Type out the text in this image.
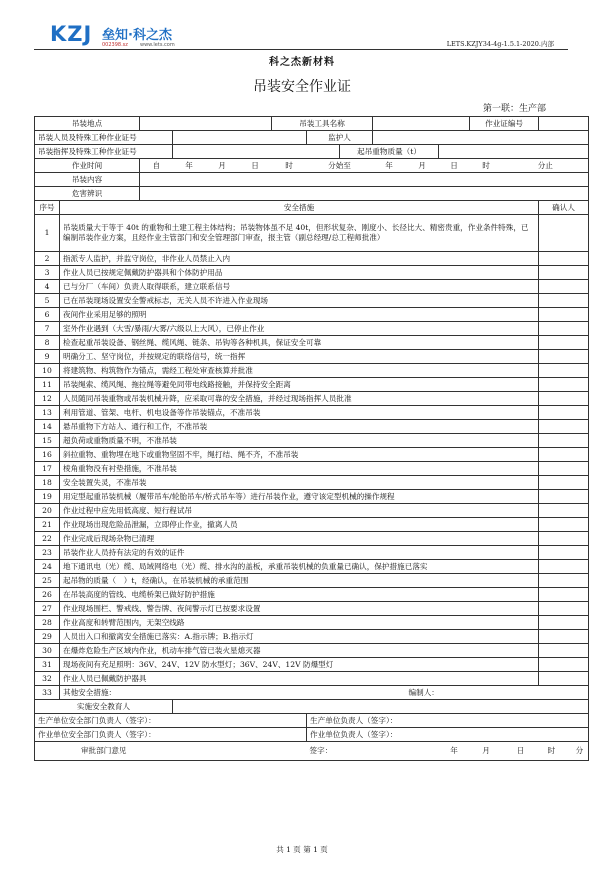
KZJ 垒知·科之杰
002398.sz www.lets.com	LETS.KZJY34-4g-1.5.1-2020.内部
科之杰新材料
吊装安全作业证
第一联：生产部
吊装地点						吊装工具名称						作业证编号		
吊装人员及特殊工种作业证号							监护人							
吊装指挥及特殊工种作业证号								起吊重物质量（t）						
作业时间		自	年	月	日	时	分始至		年	月	日	时	分止	
吊装内容														
危害辨识														
序号	安全措施													确认人
1	吊装质量大于等于 40t 的重物和土建工程主体结构；吊装物体虽不足 40t，但形状复杂、刚度小、长径比大、精密贵重，作业条件特殊，已编制吊装作业方案，且经作业主管部门和安全管理部门审查，报主管（副总经理/总工程师批准）													
2	指派专人监护，并监守岗位，非作业人员禁止入内													
3	作业人员已按规定佩戴防护器具和个体防护用品													
4	已与分厂（车间）负责人取得联系，建立联系信号													
5	已在吊装现场设置安全警戒标志，无关人员不许进入作业现场													
6	夜间作业采用足够的照明													
7	室外作业遇到（大雪/暴雨/大雾/六级以上大风），已停止作业													
8	检查起重吊装设备、钢丝绳、缆风绳、链条、吊钩等各种机具，保证安全可靠													
9	明确分工、坚守岗位，并按规定的联络信号，统一指挥													
10	将建筑物、构筑物作为锚点，需经工程处审查核算并批准													
11	吊装绳索、缆风绳、拖拉绳等避免同带电线路接触，并保持安全距离													
12	人员随同吊装重物或吊装机械升降，应采取可靠的安全措施，并经过现场指挥人员批准													
13	利用管道、管架、电杆、机电设备等作吊装锚点，不准吊装													
14	悬吊重物下方站人、通行和工作，不准吊装													
15	超负荷或重物质量不明，不准吊装													
16	斜拉重物、重物埋在地下或重物坚固不牢，绳打结、绳不齐，不准吊装													
17	棱角重物没有衬垫措施，不准吊装													
18	安全装置失灵，不准吊装													
19	用定型起重吊装机械（履带吊车/轮胎吊车/桥式吊车等）进行吊装作业，遵守该定型机械的操作规程													
20	作业过程中应先用低高度、短行程试吊													
21	作业现场出现危险品泄漏，立即停止作业，撤离人员													
22	作业完成后现场杂物已清理													
23	吊装作业人员持有法定的有效的证件													
24	地下通讯电（光）缆、局域网络电（光）缆、排水沟的盖板，承重吊装机械的负重量已确认，保护措施已落实													
25	起吊物的质量（　）t，经确认，在吊装机械的承重范围													
26	在吊装高度的管线、电缆桥架已做好防护措施													
27	作业现场围栏、警戒线、警告牌、夜间警示灯已按要求设置													
28	作业高度和转臂范围内，无架空线路													
29	人员出入口和撤离安全措施已落实：A.指示牌；B.指示灯													
30	在爆炸危险生产区域内作业，机动车排气管已装火星熄灭器													
31	现场夜间有充足照明：36V、24V、12V 防水型灯；36V、24V、12V 防爆型灯													
32	作业人员已佩戴防护器具													
33	其他安全措施：									编制人：				
实施安全教育人														
生产单位安全部门负责人（签字）：							生产单位负责人（签字）：							
作业单位安全部门负责人（签字）：							作业单位负责人（签字）：							
审批部门意见							签字：				年	月	日	时 分
共 1 页 第 1 页
